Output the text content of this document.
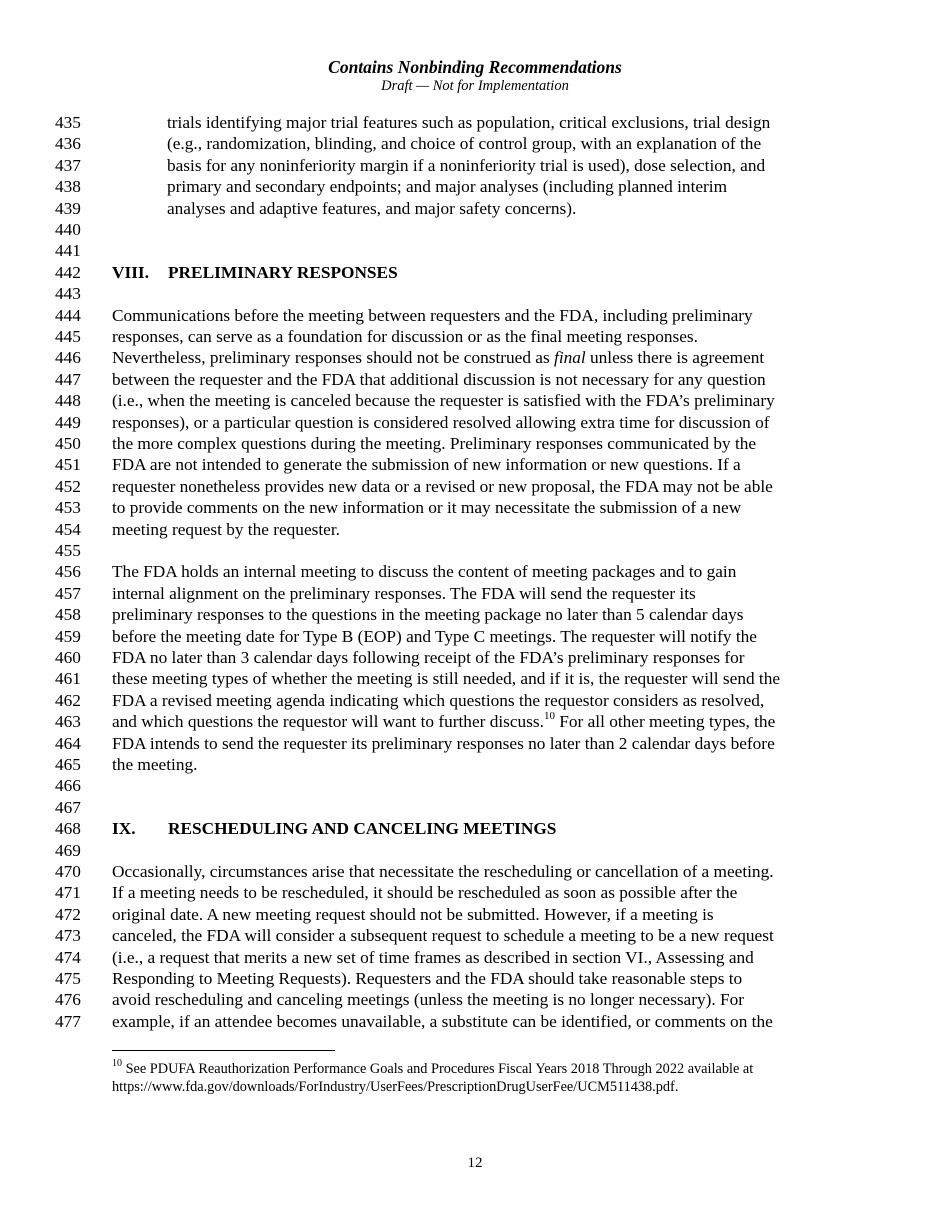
Contains Nonbinding Recommendations
Draft — Not for Implementation
435	trials identifying major trial features such as population, critical exclusions, trial design
436	(e.g., randomization, blinding, and choice of control group, with an explanation of the
437	basis for any noninferiority margin if a noninferiority trial is used), dose selection, and
438	primary and secondary endpoints; and major analyses (including planned interim
439	analyses and adaptive features, and major safety concerns).
440
441
442	VIII. PRELIMINARY RESPONSES
443
444	Communications before the meeting between requesters and the FDA, including preliminary
445	responses, can serve as a foundation for discussion or as the final meeting responses.
446	Nevertheless, preliminary responses should not be construed as final unless there is agreement
447	between the requester and the FDA that additional discussion is not necessary for any question
448	(i.e., when the meeting is canceled because the requester is satisfied with the FDA’s preliminary
449	responses), or a particular question is considered resolved allowing extra time for discussion of
450	the more complex questions during the meeting. Preliminary responses communicated by the
451	FDA are not intended to generate the submission of new information or new questions. If a
452	requester nonetheless provides new data or a revised or new proposal, the FDA may not be able
453	to provide comments on the new information or it may necessitate the submission of a new
454	meeting request by the requester.
455
456	The FDA holds an internal meeting to discuss the content of meeting packages and to gain
457	internal alignment on the preliminary responses. The FDA will send the requester its
458	preliminary responses to the questions in the meeting package no later than 5 calendar days
459	before the meeting date for Type B (EOP) and Type C meetings. The requester will notify the
460	FDA no later than 3 calendar days following receipt of the FDA’s preliminary responses for
461	these meeting types of whether the meeting is still needed, and if it is, the requester will send the
462	FDA a revised meeting agenda indicating which questions the requestor considers as resolved,
463	and which questions the requestor will want to further discuss.$^{10}$ For all other meeting types, the
464	FDA intends to send the requester its preliminary responses no later than 2 calendar days before
465	the meeting.
466
467
468	IX. RESCHEDULING AND CANCELING MEETINGS
469
470	Occasionally, circumstances arise that necessitate the rescheduling or cancellation of a meeting.
471	If a meeting needs to be rescheduled, it should be rescheduled as soon as possible after the
472	original date. A new meeting request should not be submitted. However, if a meeting is
473	canceled, the FDA will consider a subsequent request to schedule a meeting to be a new request
474	(i.e., a request that merits a new set of time frames as described in section VI., Assessing and
475	Responding to Meeting Requests). Requesters and the FDA should take reasonable steps to
476	avoid rescheduling and canceling meetings (unless the meeting is no longer necessary). For
477	example, if an attendee becomes unavailable, a substitute can be identified, or comments on the
$^{10}$ See PDUFA Reauthorization Performance Goals and Procedures Fiscal Years 2018 Through 2022 available at
https://www.fda.gov/downloads/ForIndustry/UserFees/PrescriptionDrugUserFee/UCM511438.pdf.
12
